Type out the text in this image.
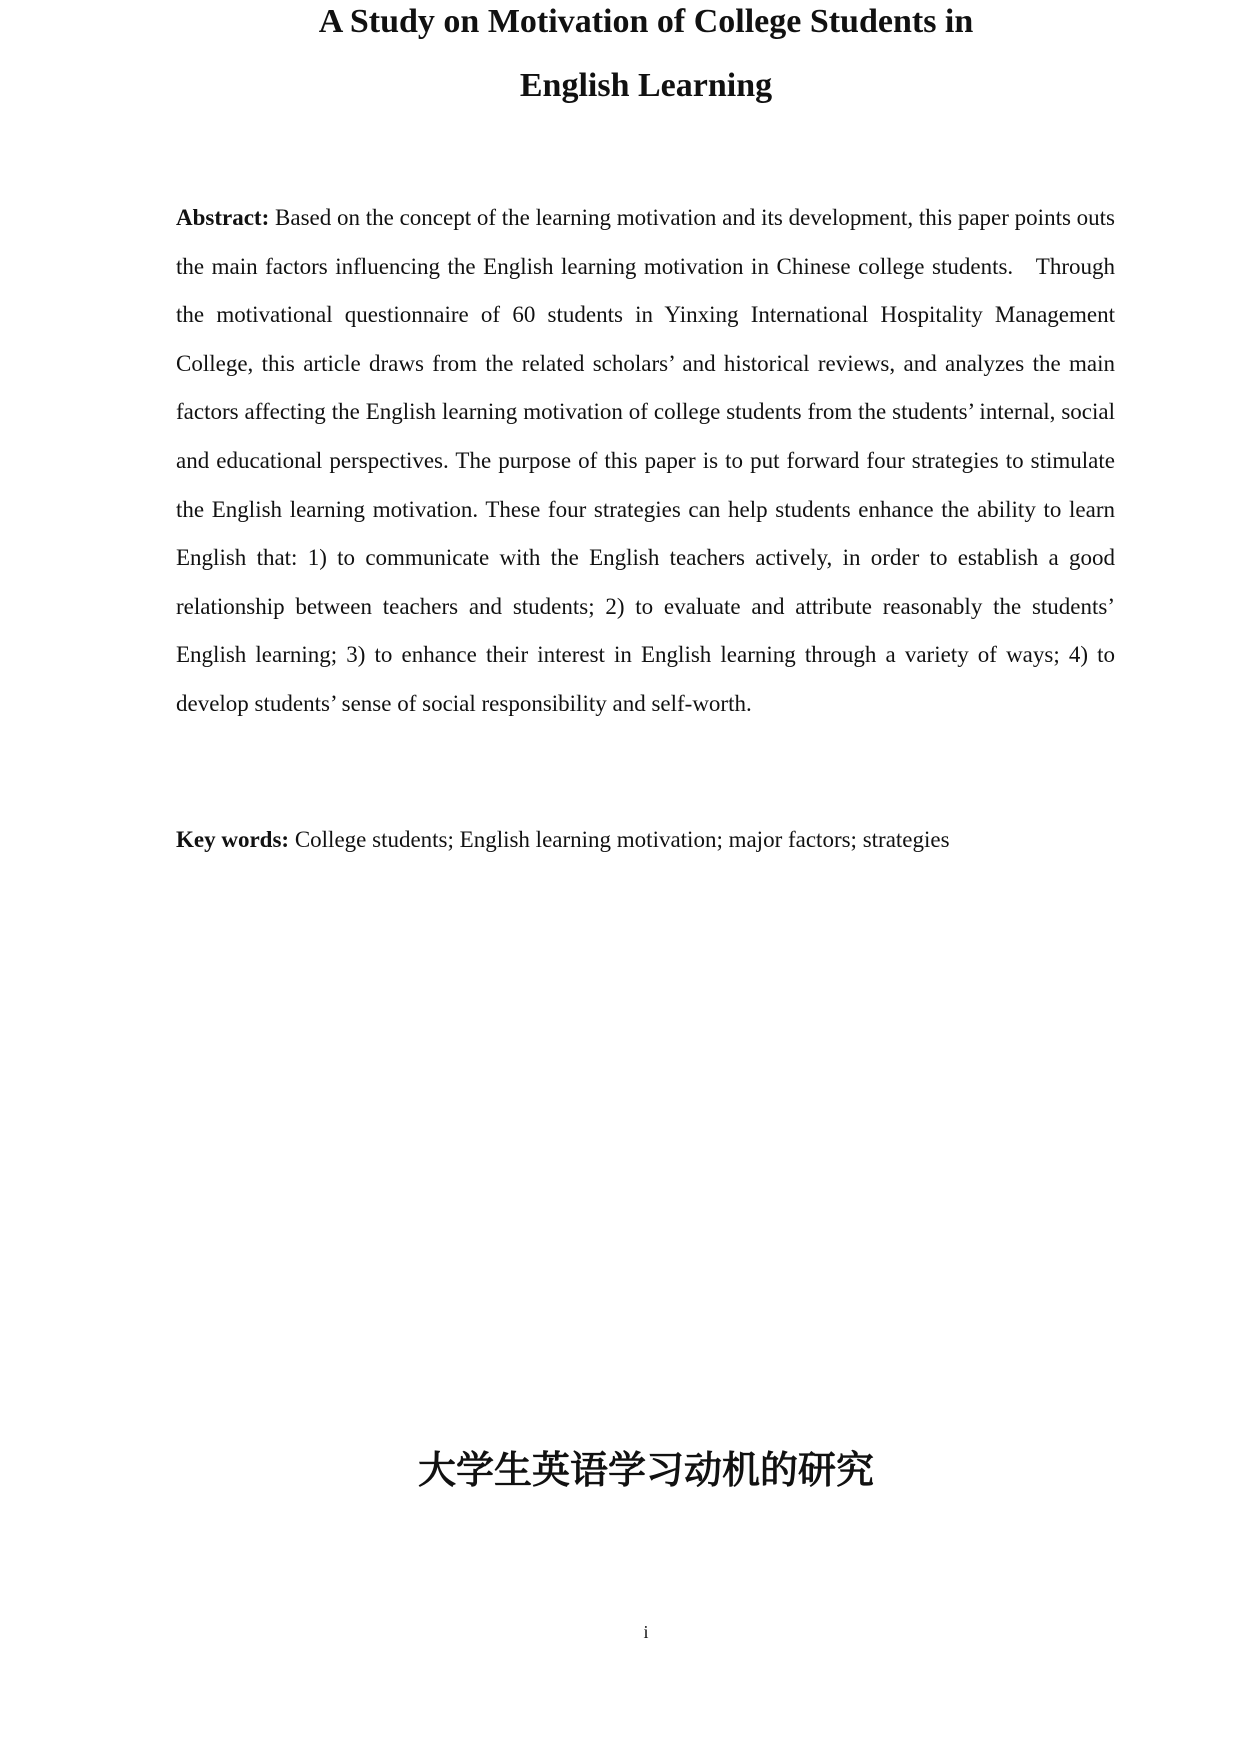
A Study on Motivation of College Students in
English Learning

Abstract: Based on the concept of the learning motivation and its development, this paper points outs the main factors influencing the English learning motivation in Chinese college students.   Through the motivational questionnaire of 60 students in Yinxing International Hospitality Management College, this article draws from the related scholars’ and historical reviews, and analyzes the main factors affecting the English learning motivation of college students from the students’ internal, social and educational perspectives. The purpose of this paper is to put forward four strategies to stimulate the English learning motivation. These four strategies can help students enhance the ability to learn English that: 1) to communicate with the English teachers actively, in order to establish a good relationship between teachers and students; 2) to evaluate and attribute reasonably the students’ English learning; 3) to enhance their interest in English learning through a variety of ways; 4) to develop students’ sense of social responsibility and self-worth.

Key words: College students; English learning motivation; major factors; strategies

大学生英语学习动机的研究
i
